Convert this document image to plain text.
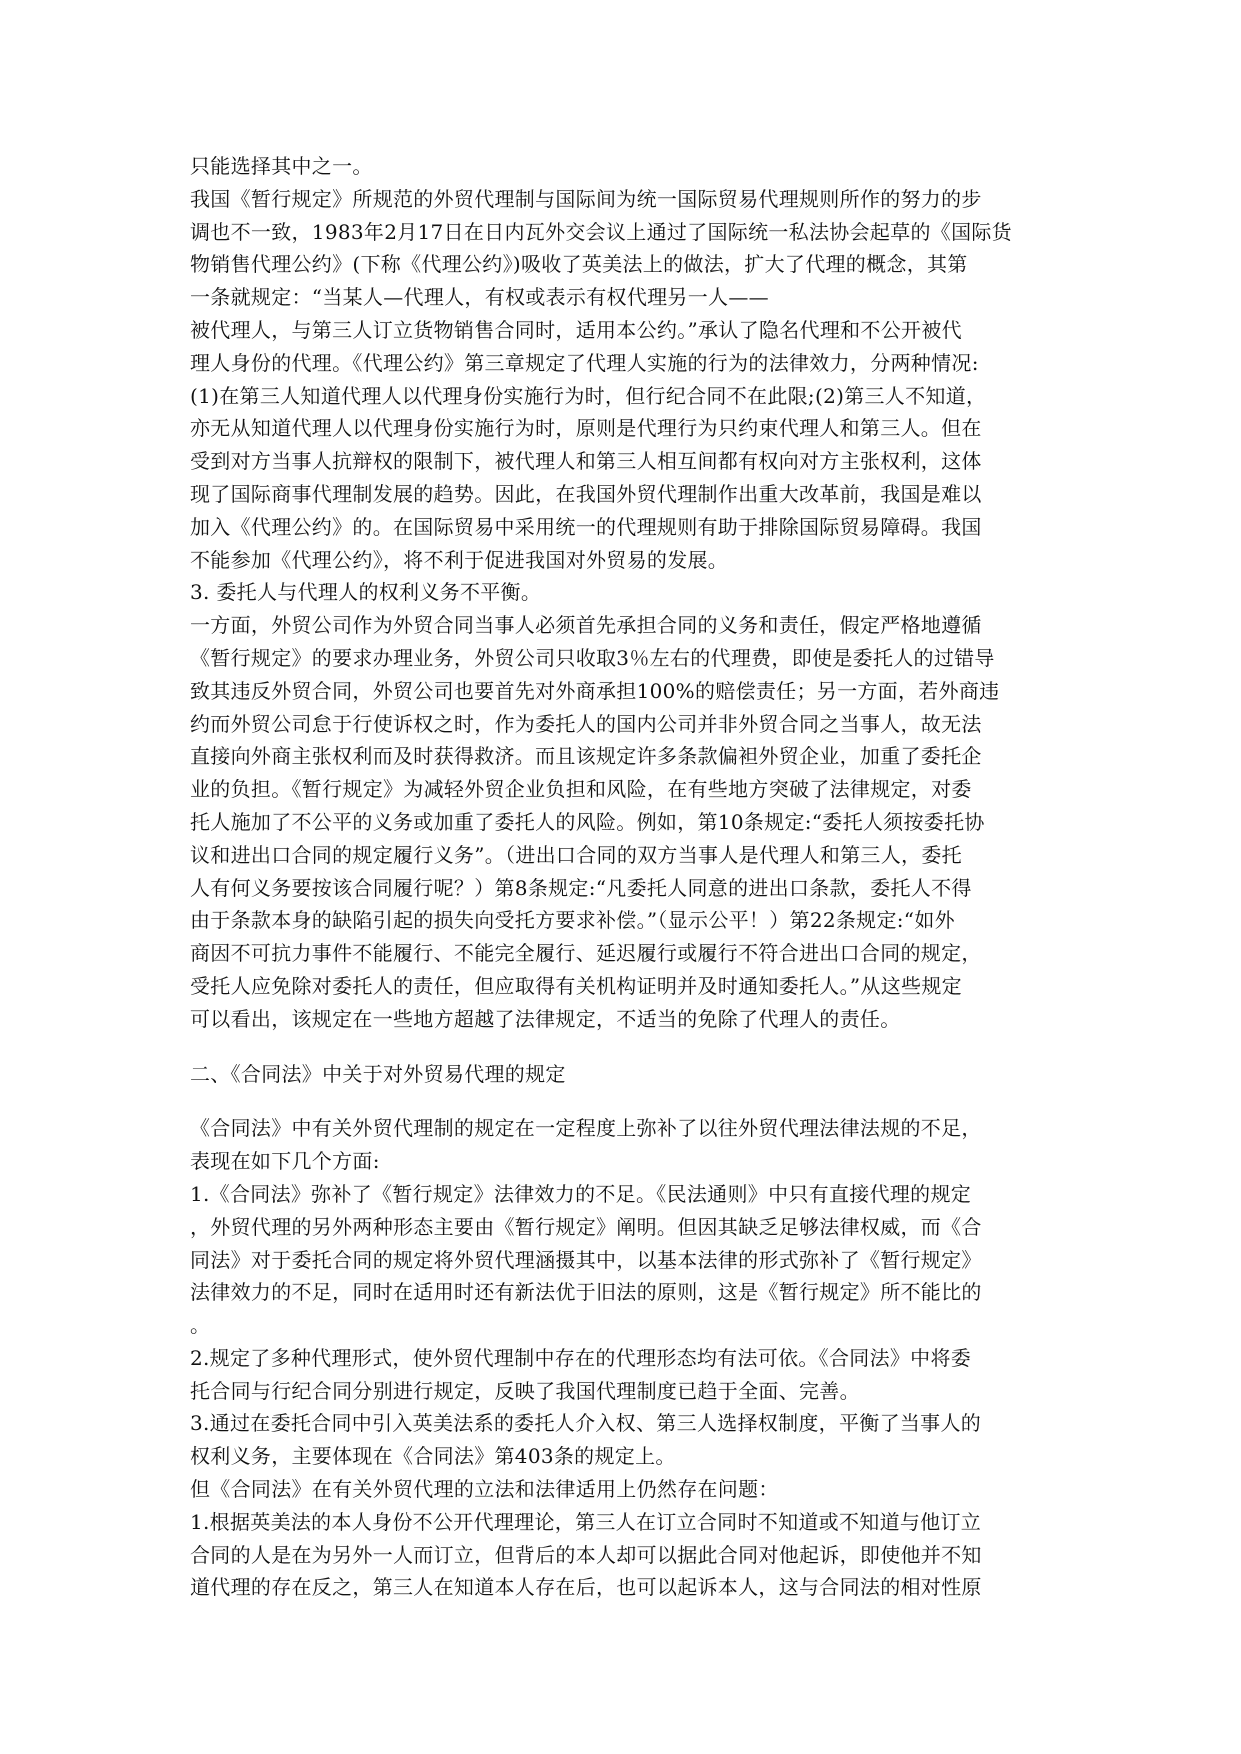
只能选择其中之一。
我国《暂行规定》所规范的外贸代理制与国际间为统一国际贸易代理规则所作的努力的步
调也不一致，1983年2月17日在日内瓦外交会议上通过了国际统一私法协会起草的《国际货
物销售代理公约》(下称《代理公约》)吸收了英美法上的做法，扩大了代理的概念，其第
一条就规定：“当某人—代理人，有权或表示有权代理另一人——
被代理人，与第三人订立货物销售合同时，适用本公约。”承认了隐名代理和不公开被代
理人身份的代理。《代理公约》第三章规定了代理人实施的行为的法律效力，分两种情况:
(1)在第三人知道代理人以代理身份实施行为时，但行纪合同不在此限;(2)第三人不知道，
亦无从知道代理人以代理身份实施行为时，原则是代理行为只约束代理人和第三人。但在
受到对方当事人抗辩权的限制下，被代理人和第三人相互间都有权向对方主张权利，这体
现了国际商事代理制发展的趋势。因此，在我国外贸代理制作出重大改革前，我国是难以
加入《代理公约》的。在国际贸易中采用统一的代理规则有助于排除国际贸易障碍。我国
不能参加《代理公约》，将不利于促进我国对外贸易的发展。
3. 委托人与代理人的权利义务不平衡。
一方面，外贸公司作为外贸合同当事人必须首先承担合同的义务和责任，假定严格地遵循
《暂行规定》的要求办理业务，外贸公司只收取3％左右的代理费，即使是委托人的过错导
致其违反外贸合同，外贸公司也要首先对外商承担100%的赔偿责任；另一方面，若外商违
约而外贸公司怠于行使诉权之时，作为委托人的国内公司并非外贸合同之当事人，故无法
直接向外商主张权利而及时获得救济。而且该规定许多条款偏袒外贸企业，加重了委托企
业的负担。《暂行规定》为减轻外贸企业负担和风险，在有些地方突破了法律规定，对委
托人施加了不公平的义务或加重了委托人的风险。例如，第10条规定:“委托人须按委托协
议和进出口合同的规定履行义务”。（进出口合同的双方当事人是代理人和第三人，委托
人有何义务要按该合同履行呢？）第8条规定:“凡委托人同意的进出口条款，委托人不得
由于条款本身的缺陷引起的损失向受托方要求补偿。”（显示公平！）第22条规定:“如外
商因不可抗力事件不能履行、不能完全履行、延迟履行或履行不符合进出口合同的规定，
受托人应免除对委托人的责任，但应取得有关机构证明并及时通知委托人。”从这些规定
可以看出，该规定在一些地方超越了法律规定，不适当的免除了代理人的责任。
二、《合同法》中关于对外贸易代理的规定
《合同法》中有关外贸代理制的规定在一定程度上弥补了以往外贸代理法律法规的不足，
表现在如下几个方面:
1.《合同法》弥补了《暂行规定》法律效力的不足。《民法通则》中只有直接代理的规定
，外贸代理的另外两种形态主要由《暂行规定》阐明。但因其缺乏足够法律权威，而《合
同法》对于委托合同的规定将外贸代理涵摄其中，以基本法律的形式弥补了《暂行规定》
法律效力的不足，同时在适用时还有新法优于旧法的原则，这是《暂行规定》所不能比的
。
2.规定了多种代理形式，使外贸代理制中存在的代理形态均有法可依。《合同法》中将委
托合同与行纪合同分别进行规定，反映了我国代理制度已趋于全面、完善。
3.通过在委托合同中引入英美法系的委托人介入权、第三人选择权制度，平衡了当事人的
权利义务，主要体现在《合同法》第403条的规定上。
但《合同法》在有关外贸代理的立法和法律适用上仍然存在问题：
1.根据英美法的本人身份不公开代理理论，第三人在订立合同时不知道或不知道与他订立
合同的人是在为另外一人而订立，但背后的本人却可以据此合同对他起诉，即使他并不知
道代理的存在反之，第三人在知道本人存在后，也可以起诉本人，这与合同法的相对性原
